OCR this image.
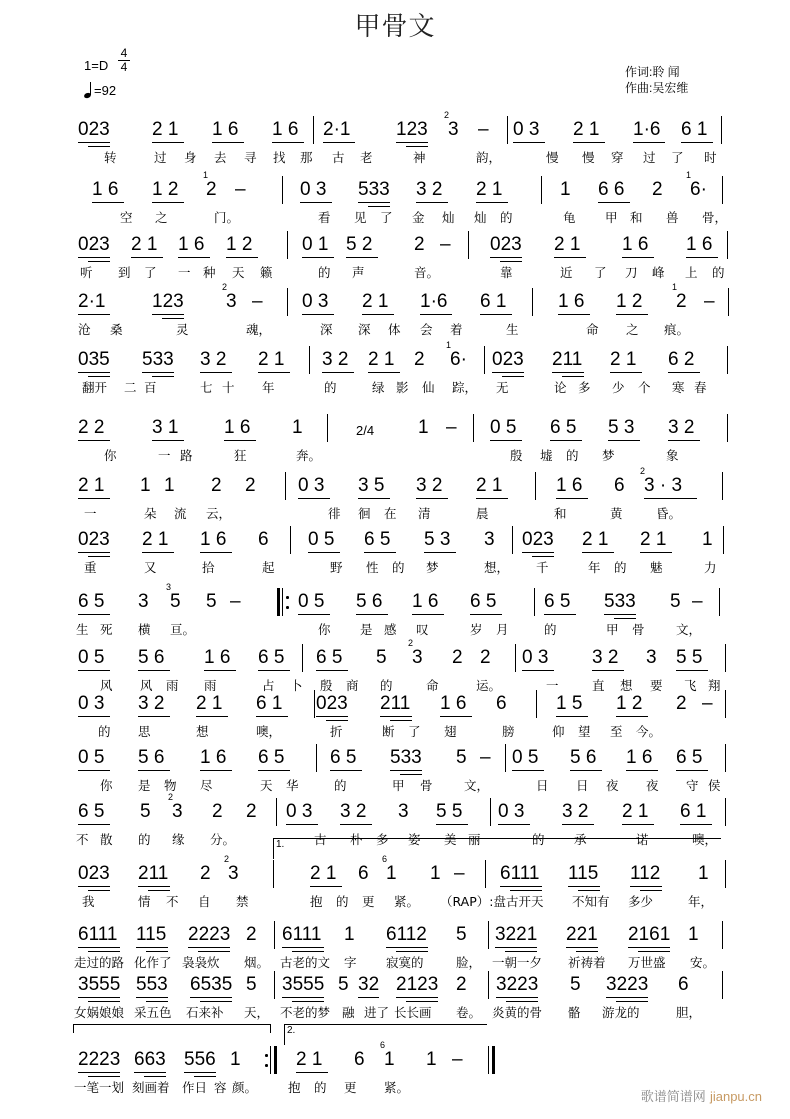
甲骨文
1=D
4
4
=92
作词:聆 闻
作曲:吴宏维
023 2 1 1 6 1 6 2·1 123 3 – 0 3 2 1 1·6 6 1
2
转	过 身 去 寻 找 那 古 老	神	韵，	慢 慢 穿 过 了 时
1 6 1 2 2 –	0 3 533 3 2 2 1	1 6 6 2 6·
1	1
空 之	门。	看 见 了 金 灿 灿 的	龟 甲 和 兽 骨，
023 2 1 1 6 1 2	0 1 5 2 2 – 023 2 1 1 6 1 6
听 到 了 一 种 天 籁	的 声	音。	靠	近 了 刀 峰 上 的
2·1 123 3 – 0 3 2 1 1·6 6 1	1 6 1 2 2 –
2	1
沧 桑	灵	魂，	深 深 体 会 着	生	命 之 痕。
035 533 3 2 2 1 3 2 2 1 2 6· 023 211 2 1 6 2
1
翻开 二 百	七 十 年	的	绿 影 仙 踪， 无	论 多 少 个 寒 春
2 2	3 1 1 6 1	2/4 1 – 0 5 6 5 5 3 3 2
你	一 路	狂	奔。	殷 墟 的 梦	象
2 1 1 1 2 2 0 3 3 5 3 2 2 1	1 6 6 3 · 3
2
一	朵 流 云，	徘 徊 在 清	晨	和	黄	昏。
023 2 1 1 6 6 0 5 6 5 5 3 3 023 2 1 2 1 1
重	又	拾	起	野 性 的 梦	想， 千	年 的 魅	力
6 5 3 5 5 –	0 5 5 6 1 6 6 5	6 5 533 5 –
3
生 死 横 亘。	你 是 感 叹	岁 月	的	甲 骨	文，
0 5 5 6 1 6 6 5 6 5 5 3 2 2 0 3 3 2 3 5 5
2
风 风 雨 雨	占 卜 殷 商 的	命	运。	一	直 想 要 飞 翔
0 3 3 2 2 1 6 1 023 211 1 6 6	1 5 1 2 2 –
的 思	想	噢，	折	断 了 翅	膀	仰 望 至 今。
0 5 5 6 1 6 6 5 6 5 533 5 – 0 5 5 6 1 6 6 5
你 是 物 尽	天 华	的	甲 骨	文，	日 日 夜 夜 守 侯
6 5 5 3 2 2 0 3 3 2 3 5 5 0 3 3 2 2 1 6 1
2
不 散 的 缘 分。	古 朴 多 姿 美 丽	的 承	诺	噢，
023 211 2 3	2 1 6 1 1 – 6111 115 112 1
2	6
1.
我	情 不 自 禁	抱 的 更 紧。 （RAP）:盘古开天 不知有 多少	年，
6111 115 2223 2 6111 1 6112 5 3221 221 2161 1
走过的路 化作了 袅袅炊 烟。 古老的文 字 寂寞的	脸， 一朝一夕 祈祷着 万世盛 安。
3555 553 6535 5 3555 5 32 2123 2 3223 5 3223 6
女娲娘娘 采五色 石来补 天， 不老的梦 融 进了 长长画 卷。 炎黄的骨 骼 游龙的	胆，
2223 663 556 1	2 1 6 1 1 –
6
2.
一笔一划 刻画着 作日 容 颜。 抱 的 更 紧。
歌谱简谱网 jianpu.cn
